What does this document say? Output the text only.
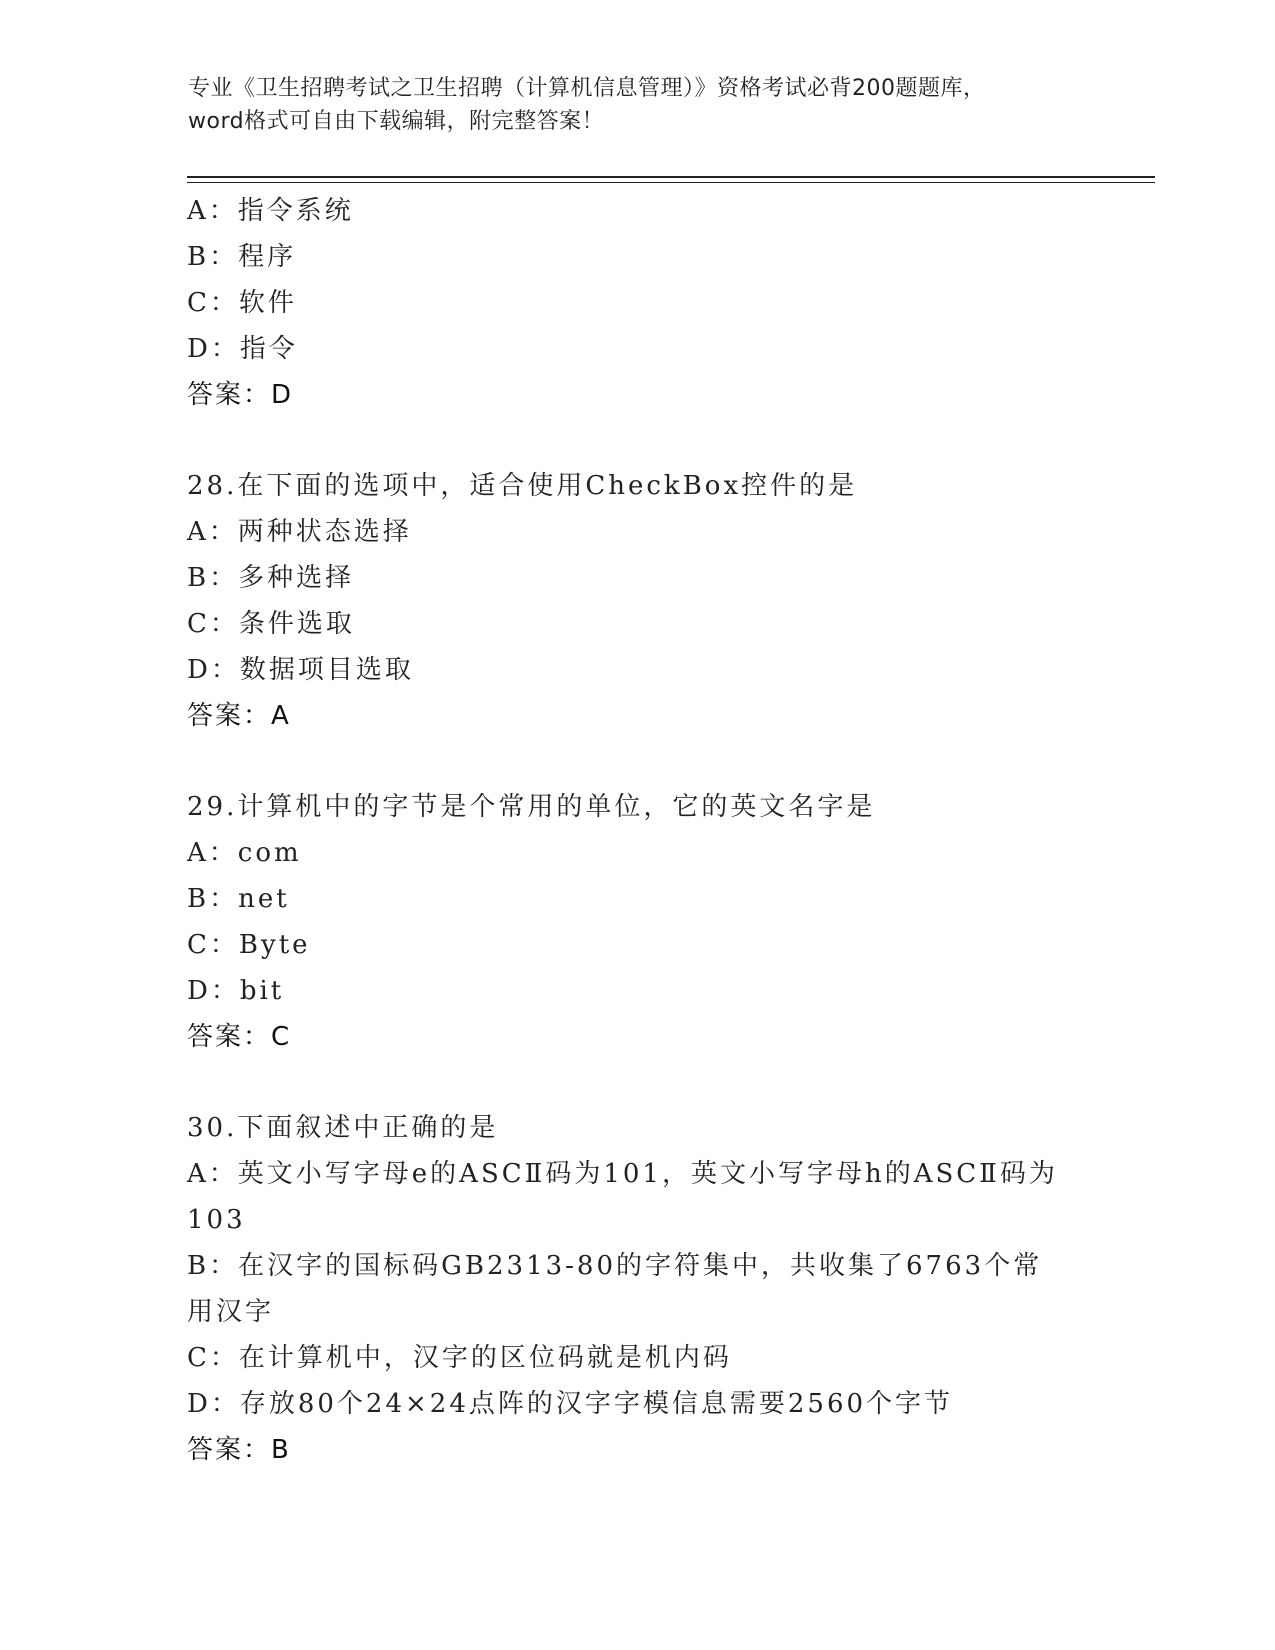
专业《卫生招聘考试之卫生招聘（计算机信息管理）》资格考试必背200题题库，
word格式可自由下载编辑，附完整答案！
A：指令系统
B：程序
C：软件
D：指令
答案：D
28.在下面的选项中，适合使用CheckBox控件的是
A：两种状态选择
B：多种选择
C：条件选取
D：数据项目选取
答案：A
29.计算机中的字节是个常用的单位，它的英文名字是
A：com
B：net
C：Byte
D：bit
答案：C
30.下面叙述中正确的是
A：英文小写字母e的ASCⅡ码为101，英文小写字母h的ASCⅡ码为103
B：在汉字的国标码GB2313-80的字符集中，共收集了6763个常用汉字
C：在计算机中，汉字的区位码就是机内码
D：存放80个24×24点阵的汉字字模信息需要2560个字节
答案：B
